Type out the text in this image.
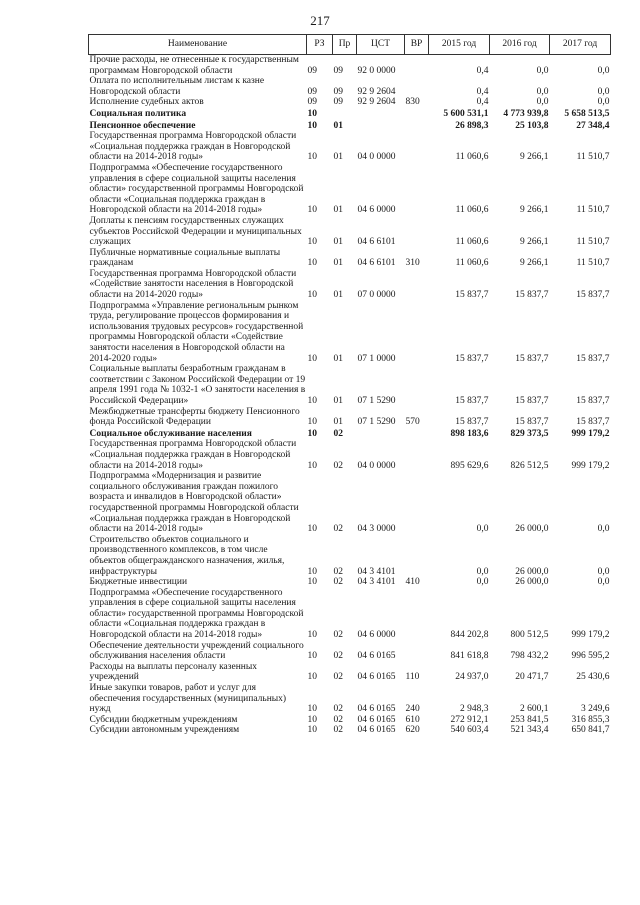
217
Наименование	РЗ	Пр	ЦСТ	ВР	2015 год	2016 год	2017 год
Прочие расходы, не отнесенные к государственным программам Новгородской области	09	09	92 0 0000		0,4	0,0	0,0
Оплата по исполнительным листам к казне Новгородской области	09	09	92 9 2604		0,4	0,0	0,0
Исполнение судебных актов	09	09	92 9 2604	830	0,4	0,0	0,0
Социальная политика	10				5 600 531,1	4 773 939,8	5 658 513,5
Пенсионное обеспечение	10	01			26 898,3	25 103,8	27 348,4
Государственная программа Новгородской области «Социальная поддержка граждан в Новгородской области на 2014-2018 годы»	10	01	04 0 0000		11 060,6	9 266,1	11 510,7
Подпрограмма «Обеспечение государственного управления в сфере социальной защиты населения области» государственной программы Новгородской области «Социальная поддержка граждан в Новгородской области на 2014-2018 годы»	10	01	04 6 0000		11 060,6	9 266,1	11 510,7
Доплаты к пенсиям государственных служащих субъектов Российской Федерации и муниципальных служащих	10	01	04 6 6101		11 060,6	9 266,1	11 510,7
Публичные нормативные социальные выплаты гражданам	10	01	04 6 6101	310	11 060,6	9 266,1	11 510,7
Государственная программа Новгородской области «Содействие занятости населения в Новгородской области на 2014-2020 годы»	10	01	07 0 0000		15 837,7	15 837,7	15 837,7
Подпрограмма «Управление региональным рынком труда, регулирование процессов формирования и использования трудовых ресурсов» государственной программы Новгородской области «Содействие занятости населения в Новгородской области на 2014-2020 годы»	10	01	07 1 0000		15 837,7	15 837,7	15 837,7
Социальные выплаты безработным гражданам в соответствии с Законом Российской Федерации от 19 апреля 1991 года № 1032-1 «О занятости населения в Российской Федерации»	10	01	07 1 5290		15 837,7	15 837,7	15 837,7
Межбюджетные трансферты бюджету Пенсионного фонда Российской Федерации	10	01	07 1 5290	570	15 837,7	15 837,7	15 837,7
Социальное обслуживание населения	10	02			898 183,6	829 373,5	999 179,2
Государственная программа Новгородской области «Социальная поддержка граждан в Новгородской области на 2014-2018 годы»	10	02	04 0 0000		895 629,6	826 512,5	999 179,2
Подпрограмма «Модернизация и развитие социального обслуживания граждан пожилого возраста и инвалидов в Новгородской области» государственной программы Новгородской области «Социальная поддержка граждан в Новгородской области на 2014-2018 годы»	10	02	04 3 0000		0,0	26 000,0	0,0
Строительство объектов социального и производственного комплексов, в том числе объектов общегражданского назначения, жилья, инфраструктуры	10	02	04 3 4101		0,0	26 000,0	0,0
Бюджетные инвестиции	10	02	04 3 4101	410	0,0	26 000,0	0,0
Подпрограмма «Обеспечение государственного управления в сфере социальной защиты населения области» государственной программы Новгородской области «Социальная поддержка граждан в Новгородской области на 2014-2018 годы»	10	02	04 6 0000		844 202,8	800 512,5	999 179,2
Обеспечение деятельности учреждений социального обслуживания населения области	10	02	04 6 0165		841 618,8	798 432,2	996 595,2
Расходы на выплаты персоналу казенных учреждений	10	02	04 6 0165	110	24 937,0	20 471,7	25 430,6
Иные закупки товаров, работ и услуг для обеспечения государственных (муниципальных) нужд	10	02	04 6 0165	240	2 948,3	2 600,1	3 249,6
Субсидии бюджетным учреждениям	10	02	04 6 0165	610	272 912,1	253 841,5	316 855,3
Субсидии автономным учреждениям	10	02	04 6 0165	620	540 603,4	521 343,4	650 841,7
